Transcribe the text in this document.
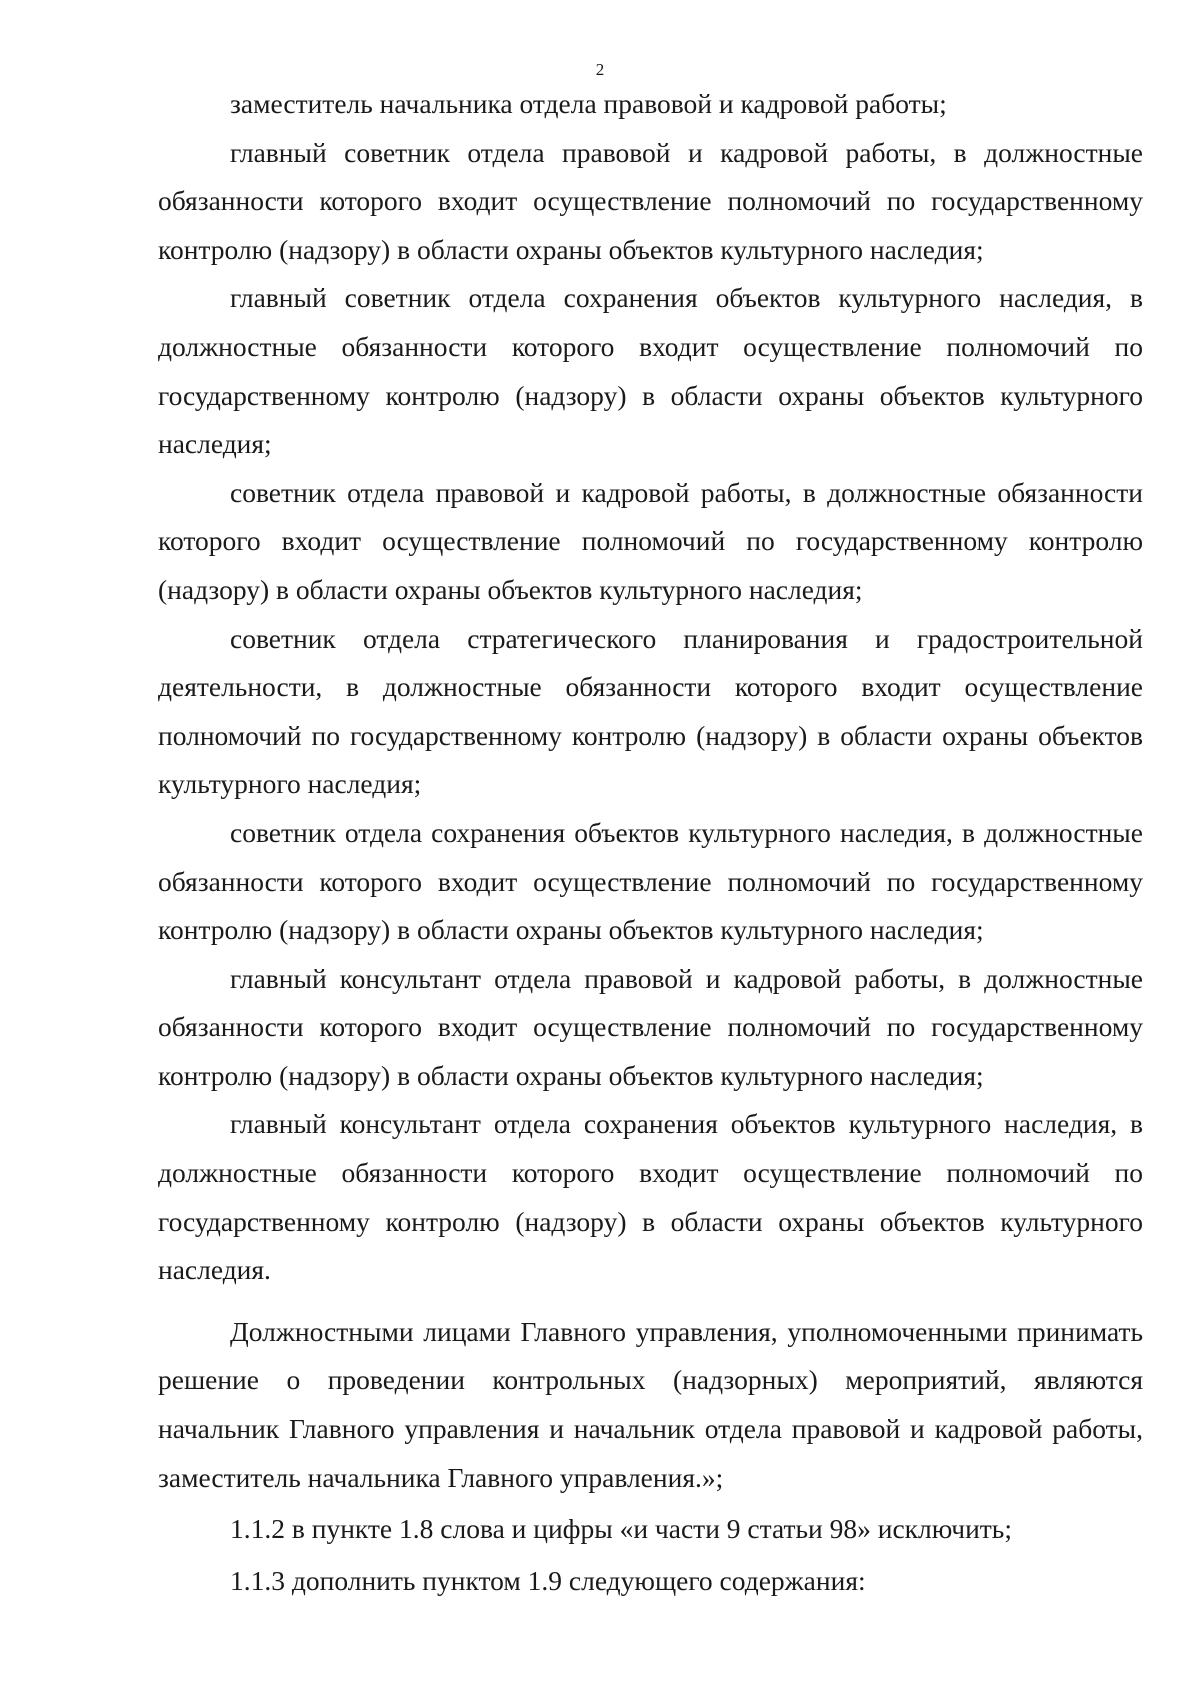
2

заместитель начальника отдела правовой и кадровой работы;

главный советник отдела правовой и кадровой работы, в должностные обязанности которого входит осуществление полномочий по государственному контролю (надзору) в области охраны объектов культурного наследия;

главный советник отдела сохранения объектов культурного наследия, в должностные обязанности которого входит осуществление полномочий по государственному контролю (надзору) в области охраны объектов культурного наследия;

советник отдела правовой и кадровой работы, в должностные обязанности которого входит осуществление полномочий по государственному контролю (надзору) в области охраны объектов культурного наследия;

советник отдела стратегического планирования и градостроительной деятельности, в должностные обязанности которого входит осуществление полномочий по государственному контролю (надзору) в области охраны объектов культурного наследия;

советник отдела сохранения объектов культурного наследия, в должностные обязанности которого входит осуществление полномочий по государственному контролю (надзору) в области охраны объектов культурного наследия;

главный консультант отдела правовой и кадровой работы, в должностные обязанности которого входит осуществление полномочий по государственному контролю (надзору) в области охраны объектов культурного наследия;

главный консультант отдела сохранения объектов культурного наследия, в должностные обязанности которого входит осуществление полномочий по государственному контролю (надзору) в области охраны объектов культурного наследия.

Должностными лицами Главного управления, уполномоченными принимать решение о проведении контрольных (надзорных) мероприятий, являются начальник Главного управления и начальник отдела правовой и кадровой работы, заместитель начальника Главного управления.»;

1.1.2 в пункте 1.8 слова и цифры «и части 9 статьи 98» исключить;

1.1.3 дополнить пунктом 1.9 следующего содержания:
